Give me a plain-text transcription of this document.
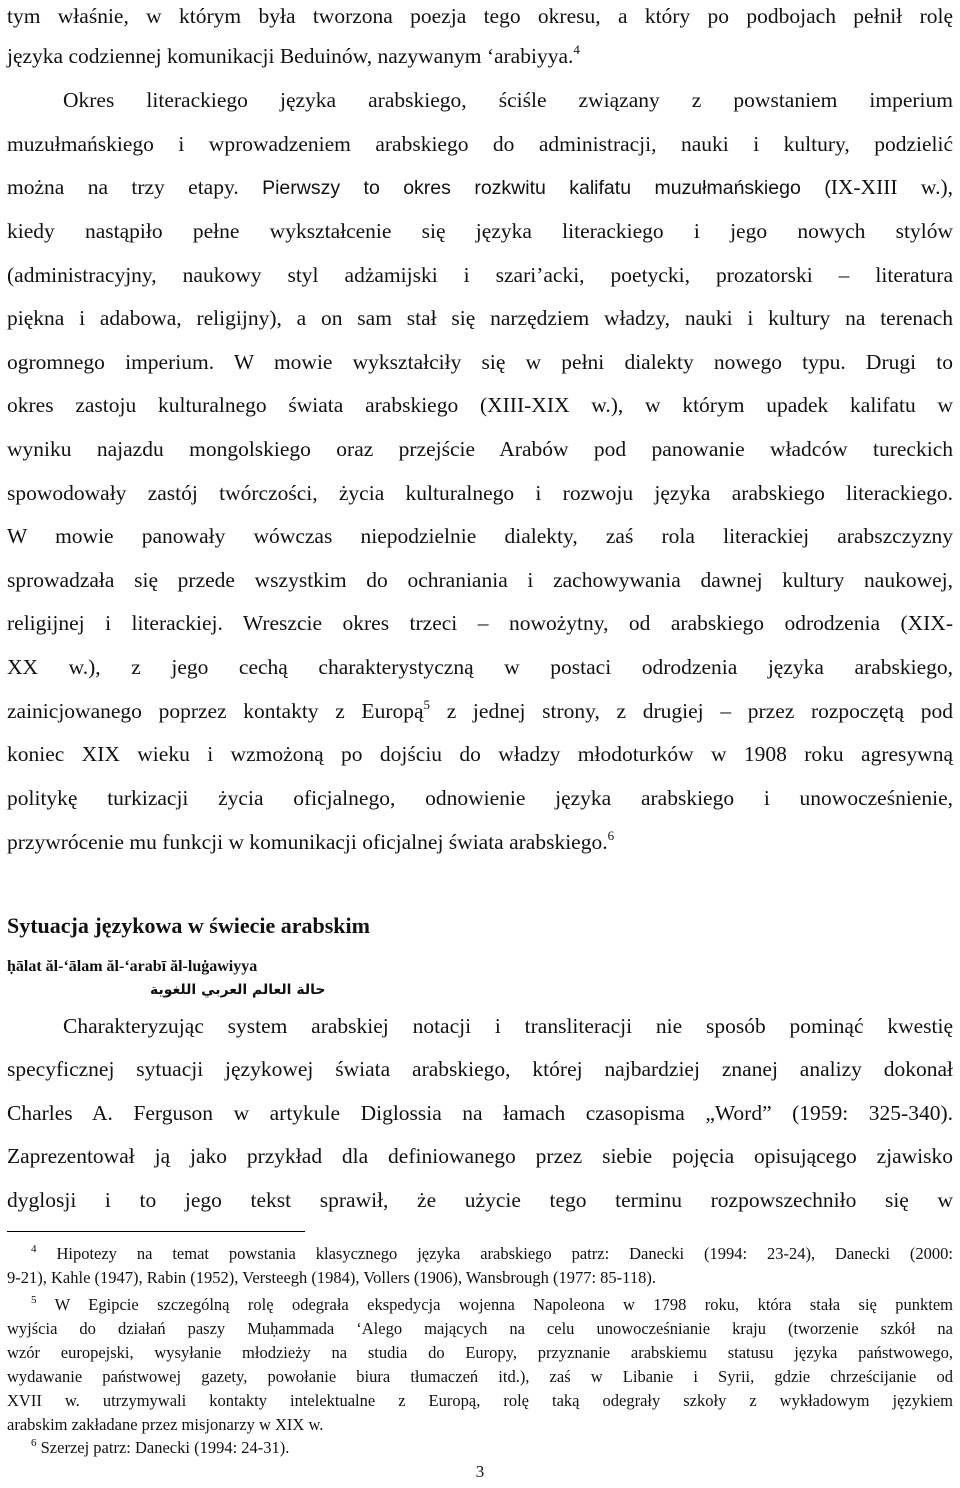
tym właśnie, w którym była tworzona poezja tego okresu, a który po podbojach pełnił rolę
języka codziennej komunikacji Beduinów, nazywanym ʻarabiyya.$^4$
Okres literackiego języka arabskiego, ściśle związany z powstaniem imperium
muzułmańskiego i wprowadzeniem arabskiego do administracji, nauki i kultury, podzielić
można na trzy etapy. Pierwszy to okres rozkwitu kalifatu muzułmańskiego (IX-XIII w.),
kiedy nastąpiło pełne wykształcenie się języka literackiego i jego nowych stylów
(administracyjny, naukowy styl adżamijski i szari’acki, poetycki, prozatorski – literatura
piękna i adabowa, religijny), a on sam stał się narzędziem władzy, nauki i kultury na terenach
ogromnego imperium. W mowie wykształciły się w pełni dialekty nowego typu. Drugi to
okres zastoju kulturalnego świata arabskiego (XIII-XIX w.), w którym upadek kalifatu w
wyniku najazdu mongolskiego oraz przejście Arabów pod panowanie władców tureckich
spowodowały zastój twórczości, życia kulturalnego i rozwoju języka arabskiego literackiego.
W mowie panowały wówczas niepodzielnie dialekty, zaś rola literackiej arabszczyzny
sprowadzała się przede wszystkim do ochraniania i zachowywania dawnej kultury naukowej,
religijnej i literackiej. Wreszcie okres trzeci – nowożytny, od arabskiego odrodzenia (XIX-
XX w.), z jego cechą charakterystyczną w postaci odrodzenia języka arabskiego,
zainicjowanego poprzez kontakty z Europą$^5$ z jednej strony, z drugiej – przez rozpoczętą pod
koniec XIX wieku i wzmożoną po dojściu do władzy młodoturków w 1908 roku agresywną
politykę turkizacji życia oficjalnego, odnowienie języka arabskiego i unowocześnienie,
przywrócenie mu funkcji w komunikacji oficjalnej świata arabskiego.$^6$
Sytuacja językowa w świecie arabskim
ḥālat ăl-ʻālam ăl-ʻarabī ăl-luġawiyya
حالة العالم العربي اللغوية
Charakteryzując system arabskiej notacji i transliteracji nie sposób pominąć kwestię
specyficznej sytuacji językowej świata arabskiego, której najbardziej znanej analizy dokonał
Charles A. Ferguson w artykule Diglossia na łamach czasopisma „Word” (1959: 325-340).
Zaprezentował ją jako przykład dla definiowanego przez siebie pojęcia opisującego zjawisko
dyglosji i to jego tekst sprawił, że użycie tego terminu rozpowszechniło się w
$^4$ Hipotezy na temat powstania klasycznego języka arabskiego patrz: Danecki (1994: 23-24), Danecki (2000:
9-21), Kahle (1947), Rabin (1952), Versteegh (1984), Vollers (1906), Wansbrough (1977: 85-118).
$^5$ W Egipcie szczególną rolę odegrała ekspedycja wojenna Napoleona w 1798 roku, która stała się punktem
wyjścia do działań paszy Muḥammada ʻAlego mających na celu unowocześnianie kraju (tworzenie szkół na
wzór europejski, wysyłanie młodzieży na studia do Europy, przyznanie arabskiemu statusu języka państwowego,
wydawanie państwowej gazety, powołanie biura tłumaczeń itd.), zaś w Libanie i Syrii, gdzie chrześcijanie od
XVII w. utrzymywali kontakty intelektualne z Europą, rolę taką odegrały szkoły z wykładowym językiem
arabskim zakładane przez misjonarzy w XIX w.
$^6$ Szerzej patrz: Danecki (1994: 24-31).
3
